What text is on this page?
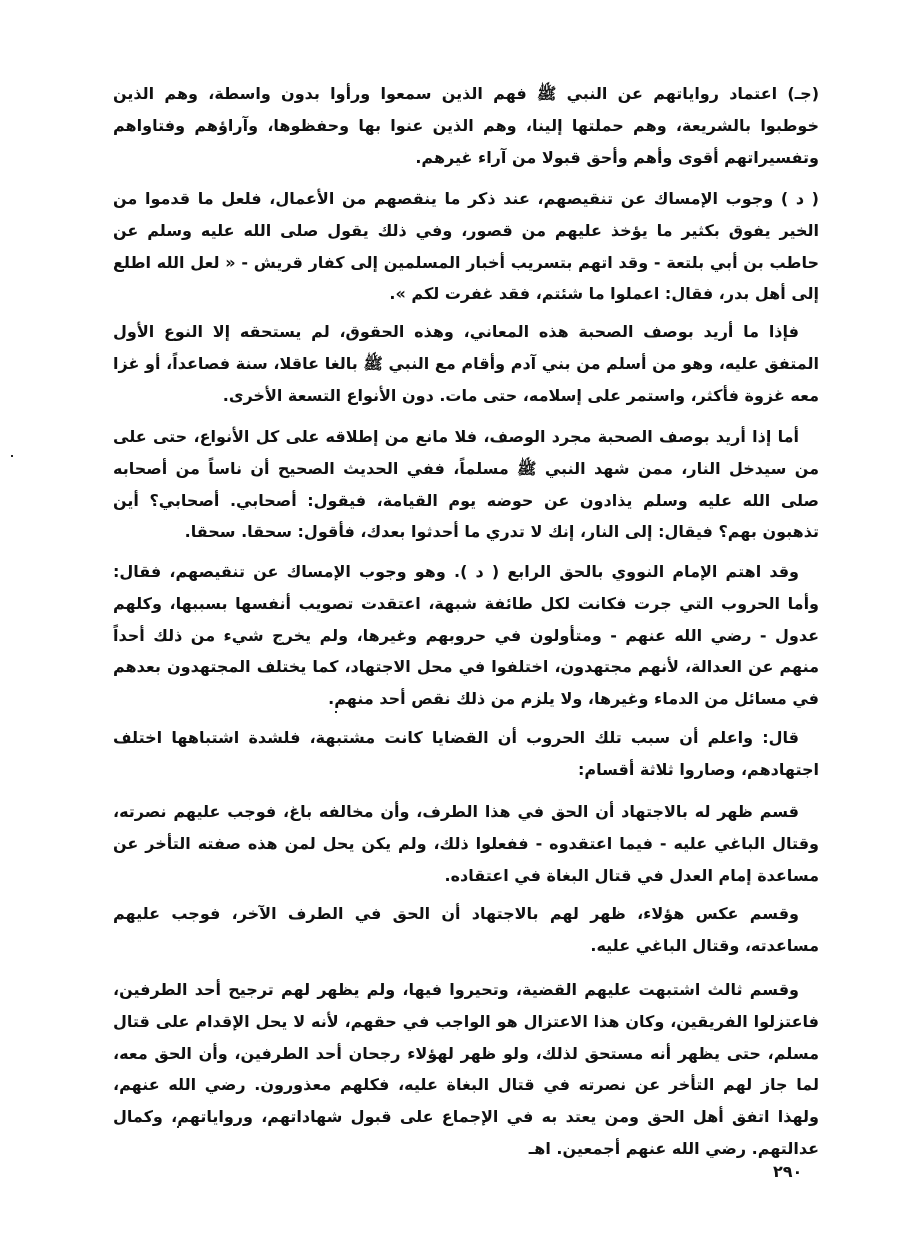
(جـ) اعتماد رواياتهم عن النبي ﷺ فهم الذين سمعوا ورأوا بدون واسطة، وهم الذين خوطبوا بالشريعة، وهم حملتها إلينا، وهم الذين عنوا بها وحفظوها، وآراؤهم وفتاواهم وتفسيراتهم أقوى وأهم وأحق قبولا من آراء غيرهم.

( د ) وجوب الإمساك عن تنقيصهم، عند ذكر ما ينقصهم من الأعمال، فلعل ما قدموا من الخير يفوق بكثير ما يؤخذ عليهم من قصور، وفي ذلك يقول صلى الله عليه وسلم عن حاطب بن أبي بلتعة - وقد اتهم بتسريب أخبار المسلمين إلى كفار قريش - « لعل الله اطلع إلى أهل بدر، فقال: اعملوا ما شئتم، فقد غفرت لكم ».

فإذا ما أريد بوصف الصحبة هذه المعاني، وهذه الحقوق، لم يستحقه إلا النوع الأول المتفق عليه، وهو من أسلم من بني آدم وأقام مع النبي ﷺ بالغا عاقلا، سنة فصاعداً، أو غزا معه غزوة فأكثر، واستمر على إسلامه، حتى مات. دون الأنواع التسعة الأخرى.

أما إذا أريد بوصف الصحبة مجرد الوصف، فلا مانع من إطلاقه على كل الأنواع، حتى على من سيدخل النار، ممن شهد النبي ﷺ مسلماً، ففي الحديث الصحيح أن ناساً من أصحابه صلى الله عليه وسلم يذادون عن حوضه يوم القيامة، فيقول: أصحابي. أصحابي؟ أين تذهبون بهم؟ فيقال: إلى النار، إنك لا تدري ما أحدثوا بعدك، فأقول: سحقا. سحقا.

وقد اهتم الإمام النووي بالحق الرابع ( د ). وهو وجوب الإمساك عن تنقيصهم، فقال: وأما الحروب التي جرت فكانت لكل طائفة شبهة، اعتقدت تصويب أنفسها بسببها، وكلهم عدول - رضي الله عنهم - ومتأولون في حروبهم وغيرها، ولم يخرج شيء من ذلك أحداً منهم عن العدالة، لأنهم مجتهدون، اختلفوا في محل الاجتهاد، كما يختلف المجتهدون بعدهم في مسائل من الدماء وغيرها، ولا يلزم من ذلك نقص أحد منهم.

قال: واعلم أن سبب تلك الحروب أن القضايا كانت مشتبهة، فلشدة اشتباهها اختلف اجتهادهم، وصاروا ثلاثة أقسام:

قسم ظهر له بالاجتهاد أن الحق في هذا الطرف، وأن مخالفه باغ، فوجب عليهم نصرته، وقتال الباغي عليه - فيما اعتقدوه - ففعلوا ذلك، ولم يكن يحل لمن هذه صفته التأخر عن مساعدة إمام العدل في قتال البغاة في اعتقاده.

وقسم عكس هؤلاء، ظهر لهم بالاجتهاد أن الحق في الطرف الآخر، فوجب عليهم مساعدته، وقتال الباغي عليه.

وقسم ثالث اشتبهت عليهم القضية، وتحيروا فيها، ولم يظهر لهم ترجيح أحد الطرفين، فاعتزلوا الفريقين، وكان هذا الاعتزال هو الواجب في حقهم، لأنه لا يحل الإقدام على قتال مسلم، حتى يظهر أنه مستحق لذلك، ولو ظهر لهؤلاء رجحان أحد الطرفين، وأن الحق معه، لما جاز لهم التأخر عن نصرته في قتال البغاة عليه، فكلهم معذورون. رضي الله عنهم، ولهذا اتفق أهل الحق ومن يعتد به في الإجماع على قبول شهاداتهم، ورواياتهم، وكمال عدالتهم. رضي الله عنهم أجمعين. اهـ

٢٩٠
